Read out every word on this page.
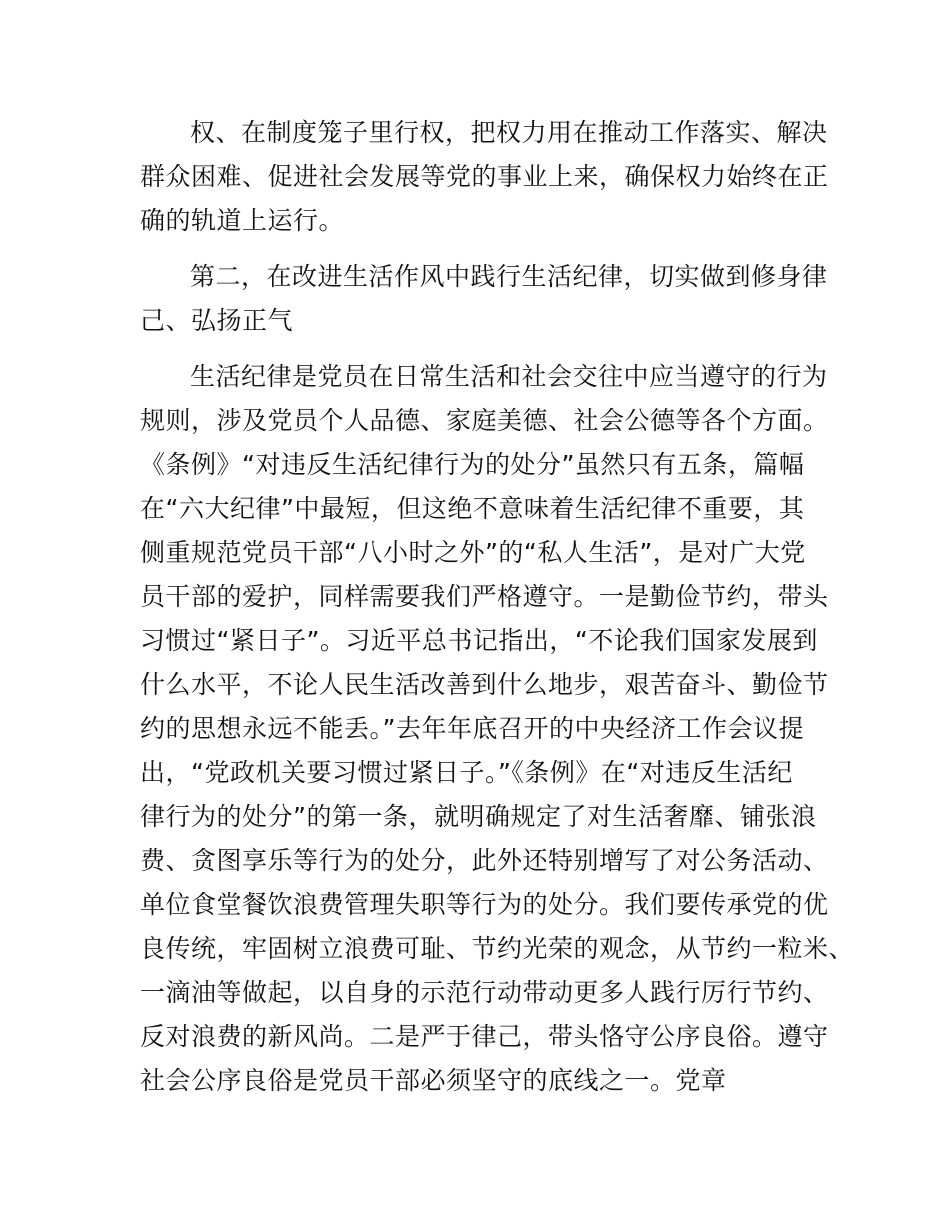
权、在制度笼子里行权，把权力用在推动工作落实、解决
群众困难、促进社会发展等党的事业上来，确保权力始终在正
确的轨道上运行。
第二，在改进生活作风中践行生活纪律，切实做到修身律
己、弘扬正气
生活纪律是党员在日常生活和社会交往中应当遵守的行为
规则，涉及党员个人品德、家庭美德、社会公德等各个方面。
《条例》“对违反生活纪律行为的处分”虽然只有五条，篇幅
在“六大纪律”中最短，但这绝不意味着生活纪律不重要，其
侧重规范党员干部“八小时之外”的“私人生活”，是对广大党
员干部的爱护，同样需要我们严格遵守。一是勤俭节约，带头
习惯过“紧日子”。习近平总书记指出，“不论我们国家发展到
什么水平，不论人民生活改善到什么地步，艰苦奋斗、勤俭节
约的思想永远不能丢。”去年年底召开的中央经济工作会议提
出，“党政机关要习惯过紧日子。”《条例》在“对违反生活纪
律行为的处分”的第一条，就明确规定了对生活奢靡、铺张浪
费、贪图享乐等行为的处分，此外还特别增写了对公务活动、
单位食堂餐饮浪费管理失职等行为的处分。我们要传承党的优
良传统，牢固树立浪费可耻、节约光荣的观念，从节约一粒米、
一滴油等做起，以自身的示范行动带动更多人践行厉行节约、
反对浪费的新风尚。二是严于律己，带头恪守公序良俗。遵守
社会公序良俗是党员干部必须坚守的底线之一。党章
